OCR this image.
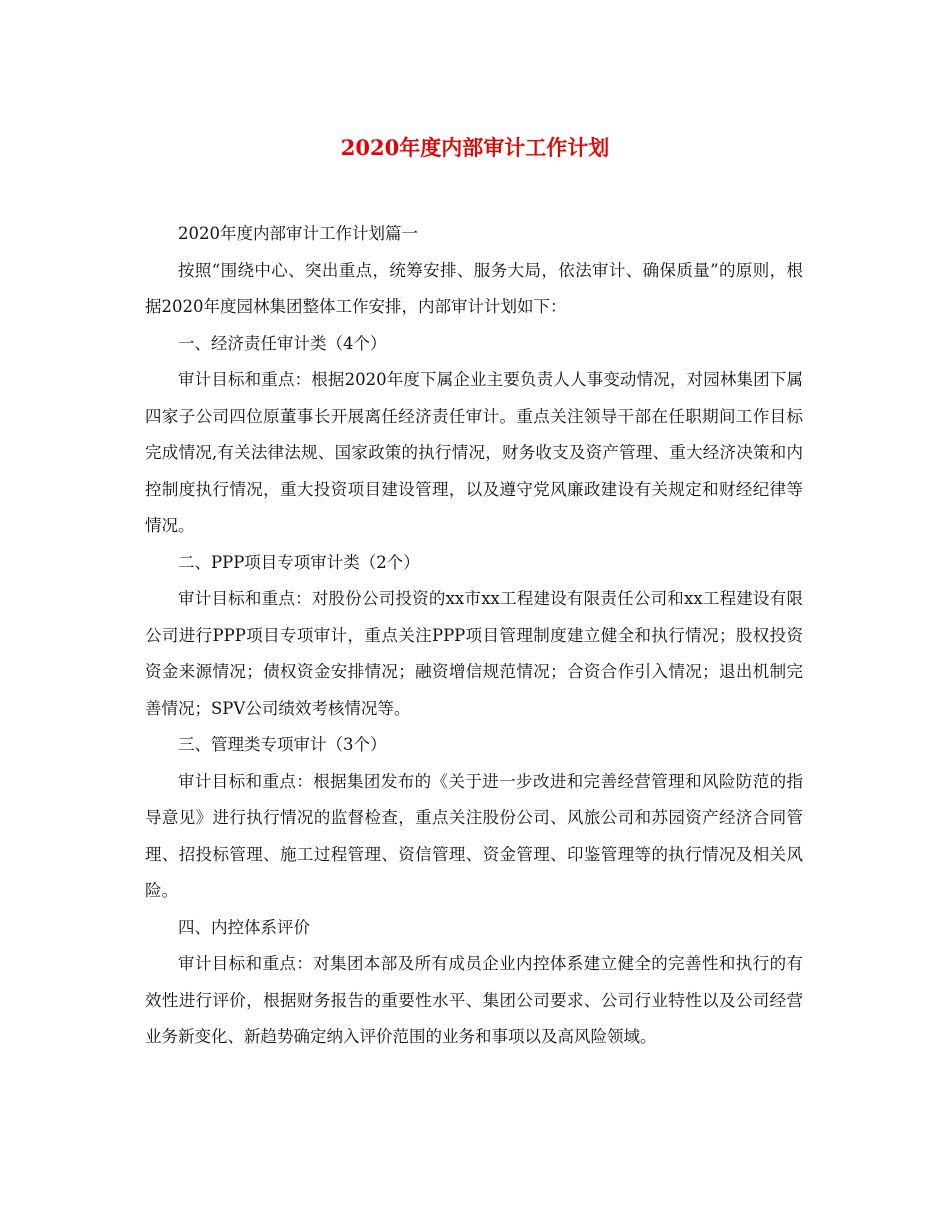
2020年度内部审计工作计划

2020年度内部审计工作计划篇一

按照“围绕中心、突出重点，统筹安排、服务大局，依法审计、确保质量”的原则，根据2020年度园林集团整体工作安排，内部审计计划如下：

一、经济责任审计类（4个）

审计目标和重点：根据2020年度下属企业主要负责人人事变动情况，对园林集团下属四家子公司四位原董事长开展离任经济责任审计。重点关注领导干部在任职期间工作目标完成情况,有关法律法规、国家政策的执行情况，财务收支及资产管理、重大经济决策和内控制度执行情况，重大投资项目建设管理，以及遵守党风廉政建设有关规定和财经纪律等情况。

二、PPP项目专项审计类（2个）

审计目标和重点：对股份公司投资的xx市xx工程建设有限责任公司和xx工程建设有限公司进行PPP项目专项审计，重点关注PPP项目管理制度建立健全和执行情况；股权投资资金来源情况；债权资金安排情况；融资增信规范情况；合资合作引入情况；退出机制完善情况；SPV公司绩效考核情况等。

三、管理类专项审计（3个）

审计目标和重点：根据集团发布的《关于进一步改进和完善经营管理和风险防范的指导意见》进行执行情况的监督检查，重点关注股份公司、风旅公司和苏园资产经济合同管理、招投标管理、施工过程管理、资信管理、资金管理、印鉴管理等的执行情况及相关风险。

四、内控体系评价

审计目标和重点：对集团本部及所有成员企业内控体系建立健全的完善性和执行的有效性进行评价，根据财务报告的重要性水平、集团公司要求、公司行业特性以及公司经营业务新变化、新趋势确定纳入评价范围的业务和事项以及高风险领域。
